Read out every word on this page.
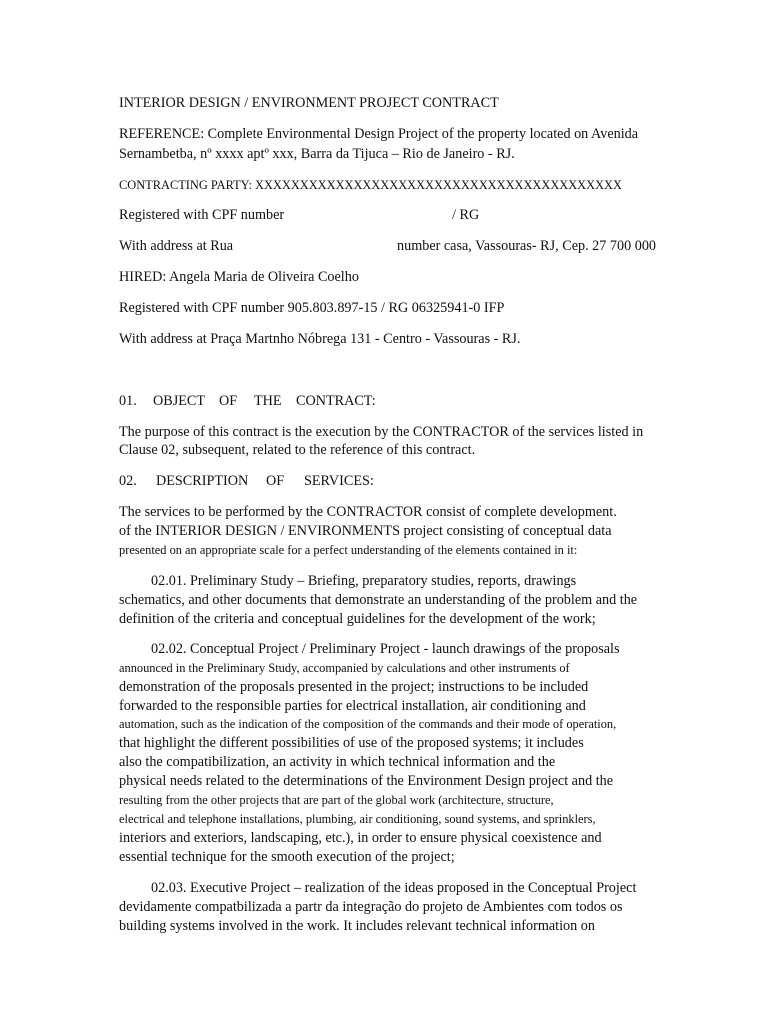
INTERIOR DESIGN / ENVIRONMENT PROJECT CONTRACT
REFERENCE: Complete Environmental Design Project of the property located on Avenida
Sernambetba, nº xxxx aptº xxx, Barra da Tijuca – Rio de Janeiro - RJ.
CONTRACTING PARTY: XXXXXXXXXXXXXXXXXXXXXXXXXXXXXXXXXXXXXXXXX
Registered with CPF number	/ RG
With address at Rua	number casa, Vassouras- RJ, Cep. 27 700 000
HIRED: Angela Maria de Oliveira Coelho
Registered with CPF number 905.803.897-15 / RG 06325941-0 IFP
With address at Praça Martnho Nóbrega 131 - Centro - Vassouras - RJ.
01. OBJECT OF THE CONTRACT:
The purpose of this contract is the execution by the CONTRACTOR of the services listed in
Clause 02, subsequent, related to the reference of this contract.
02. DESCRIPTION OF SERVICES:
The services to be performed by the CONTRACTOR consist of complete development.
of the INTERIOR DESIGN / ENVIRONMENTS project consisting of conceptual data
presented on an appropriate scale for a perfect understanding of the elements contained in it:
02.01. Preliminary Study – Briefing, preparatory studies, reports, drawings
schematics, and other documents that demonstrate an understanding of the problem and the
definition of the criteria and conceptual guidelines for the development of the work;
02.02. Conceptual Project / Preliminary Project - launch drawings of the proposals
announced in the Preliminary Study, accompanied by calculations and other instruments of
demonstration of the proposals presented in the project; instructions to be included
forwarded to the responsible parties for electrical installation, air conditioning and
automation, such as the indication of the composition of the commands and their mode of operation,
that highlight the different possibilities of use of the proposed systems; it includes
also the compatibilization, an activity in which technical information and the
physical needs related to the determinations of the Environment Design project and the
resulting from the other projects that are part of the global work (architecture, structure,
electrical and telephone installations, plumbing, air conditioning, sound systems, and sprinklers,
interiors and exteriors, landscaping, etc.), in order to ensure physical coexistence and
essential technique for the smooth execution of the project;
02.03. Executive Project – realization of the ideas proposed in the Conceptual Project
devidamente compatbilizada a partr da integração do projeto de Ambientes com todos os
building systems involved in the work. It includes relevant technical information on
